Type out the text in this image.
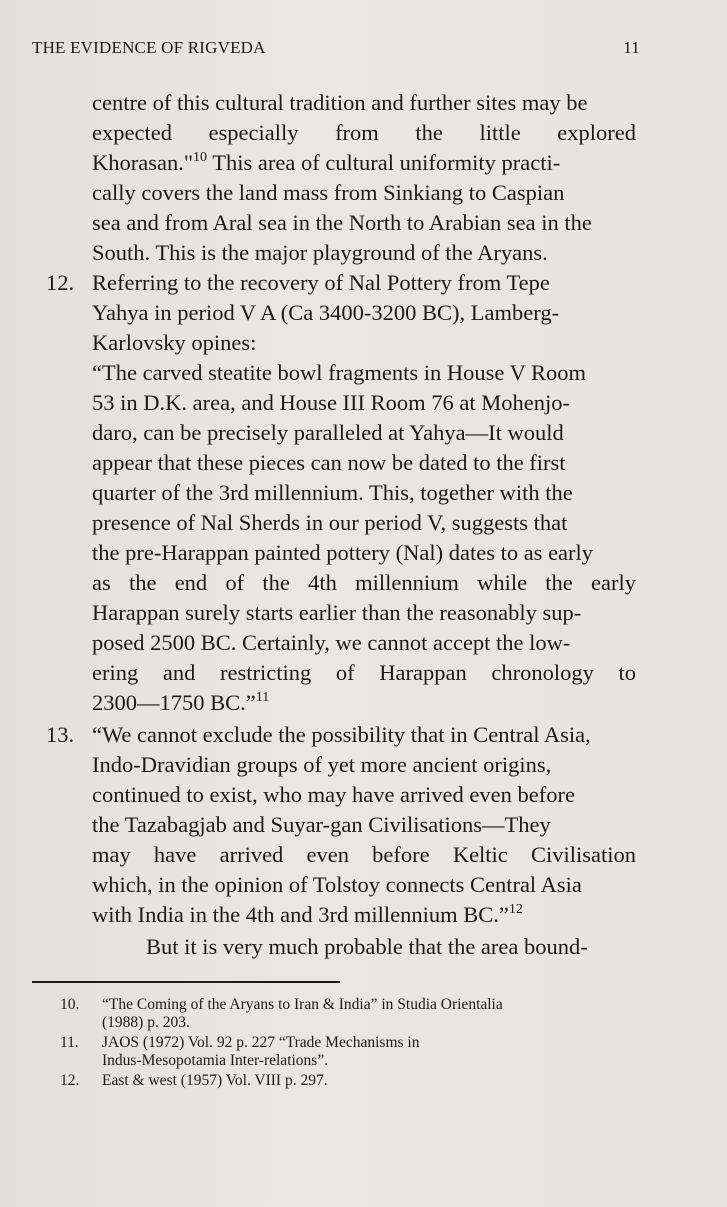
THE EVIDENCE OF RIGVEDA	11
centre of this cultural tradition and further sites may be
expected especially from the little explored
Khorasan."$^{10}$ This area of cultural uniformity practi-
cally covers the land mass from Sinkiang to Caspian
sea and from Aral sea in the North to Arabian sea in the
South. This is the major playground of the Aryans.
12. Referring to the recovery of Nal Pottery from Tepe
Yahya in period V A (Ca 3400-3200 BC), Lamberg-
Karlovsky opines:
“The carved steatite bowl fragments in House V Room
53 in D.K. area, and House III Room 76 at Mohenjo-
daro, can be precisely paralleled at Yahya—It would
appear that these pieces can now be dated to the first
quarter of the 3rd millennium. This, together with the
presence of Nal Sherds in our period V, suggests that
the pre-Harappan painted pottery (Nal) dates to as early
as the end of the 4th millennium while the early
Harappan surely starts earlier than the reasonably sup-
posed 2500 BC. Certainly, we cannot accept the low-
ering and restricting of Harappan chronology to
2300—1750 BC.”$^{11}$
13. “We cannot exclude the possibility that in Central Asia,
Indo-Dravidian groups of yet more ancient origins,
continued to exist, who may have arrived even before
the Tazabagjab and Suyar-gan Civilisations—They
may have arrived even before Keltic Civilisation
which, in the opinion of Tolstoy connects Central Asia
with India in the 4th and 3rd millennium BC.”$^{12}$
But it is very much probable that the area bound-
10. “The Coming of the Aryans to Iran & India” in Studia Orientalia
(1988) p. 203.
11. JAOS (1972) Vol. 92 p. 227 “Trade Mechanisms in
Indus-Mesopotamia Inter-relations”.
12. East & west (1957) Vol. VIII p. 297.
